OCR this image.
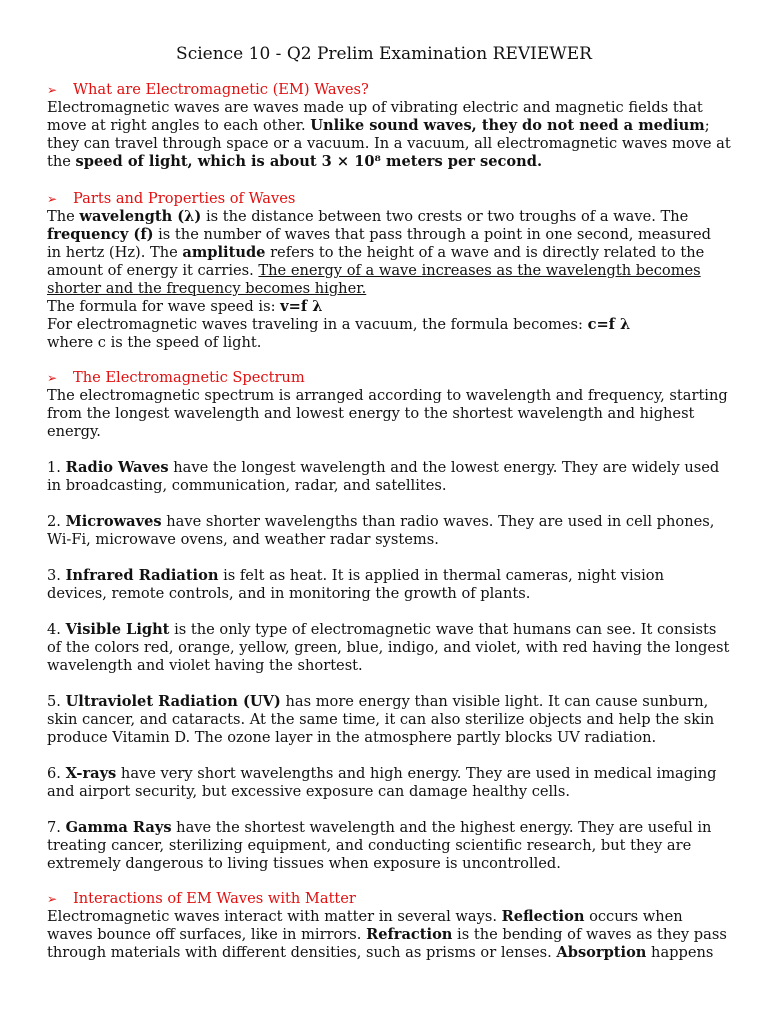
Science 10 - Q2 Prelim Examination REVIEWER
➢ What are Electromagnetic (EM) Waves?
Electromagnetic waves are waves made up of vibrating electric and magnetic fields that
move at right angles to each other. Unlike sound waves, they do not need a medium;
they can travel through space or a vacuum. In a vacuum, all electromagnetic waves move at
the speed of light, which is about 3 × 10⁸ meters per second.
➢ Parts and Properties of Waves
The wavelength (λ) is the distance between two crests or two troughs of a wave. The
frequency (f) is the number of waves that pass through a point in one second, measured
in hertz (Hz). The amplitude refers to the height of a wave and is directly related to the
amount of energy it carries. The energy of a wave increases as the wavelength becomes
shorter and the frequency becomes higher.
The formula for wave speed is: v=f λ
For electromagnetic waves traveling in a vacuum, the formula becomes: c=f λ
where c is the speed of light.
➢ The Electromagnetic Spectrum
The electromagnetic spectrum is arranged according to wavelength and frequency, starting
from the longest wavelength and lowest energy to the shortest wavelength and highest
energy.
1. Radio Waves have the longest wavelength and the lowest energy. They are widely used
in broadcasting, communication, radar, and satellites.
2. Microwaves have shorter wavelengths than radio waves. They are used in cell phones,
Wi-Fi, microwave ovens, and weather radar systems.
3. Infrared Radiation is felt as heat. It is applied in thermal cameras, night vision
devices, remote controls, and in monitoring the growth of plants.
4. Visible Light is the only type of electromagnetic wave that humans can see. It consists
of the colors red, orange, yellow, green, blue, indigo, and violet, with red having the longest
wavelength and violet having the shortest.
5. Ultraviolet Radiation (UV) has more energy than visible light. It can cause sunburn,
skin cancer, and cataracts. At the same time, it can also sterilize objects and help the skin
produce Vitamin D. The ozone layer in the atmosphere partly blocks UV radiation.
6. X-rays have very short wavelengths and high energy. They are used in medical imaging
and airport security, but excessive exposure can damage healthy cells.
7. Gamma Rays have the shortest wavelength and the highest energy. They are useful in
treating cancer, sterilizing equipment, and conducting scientific research, but they are
extremely dangerous to living tissues when exposure is uncontrolled.
➢ Interactions of EM Waves with Matter
Electromagnetic waves interact with matter in several ways. Reflection occurs when
waves bounce off surfaces, like in mirrors. Refraction is the bending of waves as they pass
through materials with different densities, such as prisms or lenses. Absorption happens
